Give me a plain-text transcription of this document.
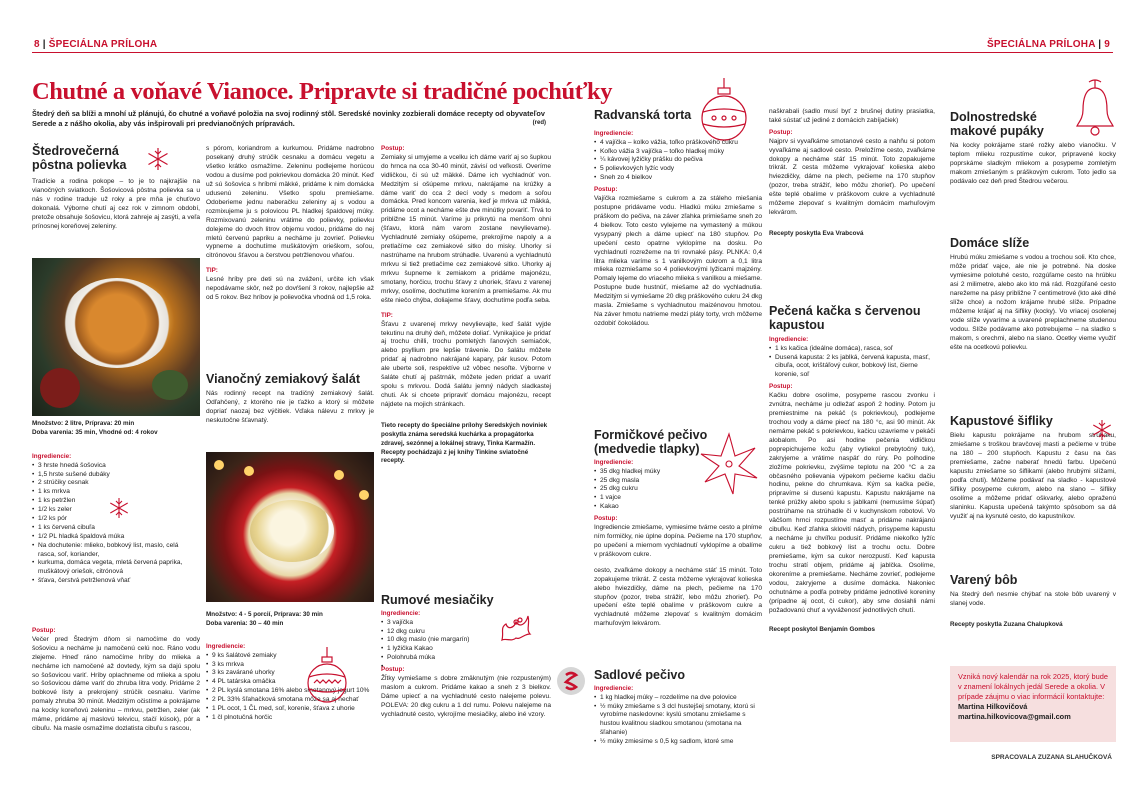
8 | ŠPECIÁLNA PRÍLOHA	ŠPECIÁLNA PRÍLOHA | 9
Chutné a voňavé Vianoce. Pripravte si tradičné pochúťky
Štedrý deň sa blíži a mnohí už plánujú, čo chutné a voňavé položia na svoj rodinný stôl. Seredské novinky zozbierali domáce recepty od obyvateľov Serede a z nášho okolia, aby vás inšpirovali pri predvianočných prípravách.	(red)
Štedrovečerná pôstna polievka
Tradície a rodina pokope – to je to najkrajšie na vianočných sviatkoch. Šošovicová pôstna polievka sa u nás v rodine traduje už roky a pre mňa je chuťovo dokonalá. Výborne chutí aj cez rok v zimnom období, pretože obsahuje šošovicu, ktorá zahreje aj zasýti, a veľa prínosnej koreňovej zeleniny.
Množstvo: 2 litre, Príprava: 20 min
Doba varenia: 35 min, Vhodné od: 4 rokov
Ingrediencie:
• 3 hrste hnedá šošovica
• 1,5 hrste sušené dubáky
• 2 strúčiky cesnak
• 1 ks mrkva
• 1 ks petržlen
• 1/2 ks zeler
• 1/2 ks pór
• 1 ks červená cibuľa
• 1/2 PL hladká špaldová múka
• Na dochutenie: mlieko, bobkový list, maslo, celá rasca, soľ, koriander,
• kurkuma, domáca vegeta, mletá červená paprika, muškátový oriešok, citrónová
• šťava, čerstvá petržlenová vňať
Postup:
Večer pred Štedrým dňom si namočíme do vody šošovicu a necháme ju namočenú celú noc. Ráno vodu zlejeme. Hneď ráno namočíme hríby do mlieka a necháme ich namočené až dovtedy, kým sa dajú spolu so šošovicou variť. Hríby oplachneme od mlieka a spolu so šošovicou dáme variť do zhruba litra vody. Pridáme 2 bobkové listy a prekrojený strúčik cesnaku. Varíme pomaly zhruba 30 minút. Medzitým očistíme a pokrájame na kocky koreňovú zeleninu – mrkvu, petržlen, zeler (ak máme, pridáme aj maslovú tekvicu, stačí kúsok), pór a cibuľu. Na masle osmažíme dozlatista cibuľu s rascou,
s pórom, koriandrom a kurkumou. Pridáme nadrobno posekaný druhý strúčik cesnaku a domácu vegetu a všetko krátko osmažíme. Zeleninu podlejeme horúcou vodou a dusíme pod pokrievkou domácka 20 minút. Keď už sú šošovica s hríbmi mäkké, pridáme k nim domácka udusenú zeleninu. Všetko spolu premiešame. Odoberieme jednu naberačku zeleniny aj s vodou a rozmixujeme ju s polovicou PL hladkej špaldovej múky. Rozmixovanú zeleninu vrátime do polievky, polievku dolejeme do dvoch litrov objemu vodou, pridáme do nej mletú červenú papriku a necháme ju zovrieť. Polievku vypneme a dochutíme muškátovým orieškom, soľou, citrónovou šťavou a čerstvou petržlenovou vňaťou.
TIP:
Lesné hríby pre deti sú na zvážení, určite ich však nepodávame skôr, než po dovŕšení 3 rokov, najlepšie až od 5 rokov. Bez hríbov je polievočka vhodná od 1,5 roka.
Vianočný zemiakový šalát
Nás rodinný recept na tradičný zemiakový šalát. Odľahčený, z ktorého nie je ťažko a ktorý si môžete dopriať naozaj bez výčitiek. Vďaka nálevu z mrkvy je neskutočne šťavnatý.
Množstvo: 4 - 5 porcií, Príprava: 30 min
Doba varenia: 30 – 40 min
Ingrediencie:
• 9 ks šalátové zemiaky
• 3 ks mrkva
• 3 ks zavárané uhorky
• 4 PL tatárska omáčka
• 2 PL kyslá smotana 16% alebo smotanový jogurt 10%
• 2 PL 33% šľahačková smotana môže sa aj nechať
• 1 PL ocot, 1 ČL med, soľ, korenie, šťava z uhorie
• 1 čl plnotučná horčic
Postup:
Zemiaky si umyjeme a vcelku ich dáme variť aj so šupkou do hrnca na cca 30-40 minút, závisí od veľkosti. Overíme vidličkou, či sú už mäkké. Dáme ich vychladnúť von. Medzitým si ošúpeme mrkvu, nakrájame na krúžky a dáme variť do cca 2 decí vody s medom a soľou domácka. Pred koncom varenia, keď je mrkva už mäkká, pridáme ocot a necháme ešte dve minútky povariť. Trvá to približne 15 minút. Varíme ju prikrytú na menšom ohni (šťavu, ktorá nám varom zostane nevylievame). Vychladnuté zemiaky ošúpeme, prekrojíme napoly a a pretlačíme cez zemiakové sitko do misky. Uhorky si nastrúhame na hrubom strúhadle. Uvarenú a vychladnutú mrkvu si tiež pretlačíme cez zemiakové sitko. Uhorky aj mrkvu šupneme k zemiakom a pridáme majonézu, smotany, horčicu, trochu šťavy z uhoriek, šťavu z varenej mrkvy, osolíme, dochutíme korením a premiešame. Ak mu ešte niečo chýba, doliajeme šťavy, dochutíme podľa seba.
TIP:
Šťavu z uvarenej mrkvy nevylievajte, keď šalát vyjde tekutinu na druhý deň, môžete doliať. Vynikajúce je pridať aj trochu chilli, trochu pomletých ľanových semiačok, alebo psyllium pre lepšie trávenie. Do šalátu môžete pridať aj nadrobno nakrájané kapary, pár kusov. Potom ale uberte soli, respektíve už vôbec nesoľte. Výborne v šaláte chutí aj paštrnák, môžete jeden pridať a uvariť spolu s mrkvou. Dodá šalátu jemný nádych sladkastej chuti. Ak si chcete pripraviť domácu majonézu, recept nájdete na mojich stránkach.
Tieto recepty do špeciálne prílohy Seredských noviniek poskytla známa seredská kuchárka a propagátorka zdravej, sezónnej a lokálnej stravy, Tinka Karmažín. Recepty pochádzajú z jej knihy Tinkine sviatočné recepty.
Rumové mesiačiky
Ingrediencie:
• 3 vajíčka
• 12 dkg cukru
• 10 dkg maslo (nie margarín)
• 1 lyžička Kakao
• Polohrubá múka
Postup:
Žĺtky vymiešame s dobre zmäknutým (nie rozpusteným) maslom a cukrom. Pridáme kakao a sneh z 3 bielkov. Dáme upiecť a na vychladnuté cesto nalejeme polevu. POLEVA: 20 dkg cukru a 1 dcl rumu. Polevu nalejeme na vychladnuté cesto, vykrojíme mesiačiky, alebo iné vzory.
Radvanská torta
Ingrediencie:
• 4 vajíčka – kolko vážia, toľko práškového cukru
• Koľko vážia 3 vajíčka – toľko hladkej múky
• ¼ kávovej lyžičky prášku do pečiva
• 5 polievkových lyžíc vody
• Sneh zo 4 bielkov
Postup:
Vajíčka rozmiešame s cukrom a za stáleho miešania postupne pridávame vodu. Hladkú múku zmiešame s práškom do pečiva, na záver zľahka primiešame sneh zo 4 bielkov. Toto cesto vylejeme na vymastený a múkou vysypaný plech a dáme upiecť na 180 stupňov. Po upečení cesto opatrne vyklopíme na dosku. Po vychladnutí rozrežeme na tri rovnaké pásy. PLNKA: 0,4 litra mlieka varíme s 1 vanilkovým cukrom a 0,1 litra mlieka rozmiešame so 4 polievkovými lyžicami majzény. Pomaly lejeme do vriaceho mlieka s vanilkou a miešame. Postupne bude hustnúť, miešame až do vychladnutia. Medzitým si vymiešame 20 dkg práškového cukru 24 dkg masla. Zmiešame s vychladnutou maizénovou hmotou. Na záver hmotu natrieme medzi pláty torty, vrch môžeme ozdobiť čokoládou.
Formičkové pečivo (medvedie tlapky)
Ingrediencie:
• 35 dkg hladkej múky
• 25 dkg masla
• 25 dkg cukru
• 1 vajce
• Kakao
Postup:
Ingrediencie zmiešame, vymiesime tvárne cesto a plníme ním formičky, nie úplne dopína. Pečieme na 170 stupňov, po upečení a miernom vychladnutí vyklopíme a obalíme v práškovom cukre.
cesto, zvaľkáme dokopy a necháme stáť 15 minút. Toto zopakujeme trikrát. Z cesta môžeme vykrajovať kolieska alebo hviezdičky, dáme na plech, pečieme na 170 stupňov (pozor, treba strážiť, lebo môžu zhorieť). Po upečení ešte teplé obalíme v práškovom cukre a vychladnuté môžeme zlepovať s kvalitným domácim marhuľovým lekvárom.
Sadlové pečivo
Ingrediencie:
• 1 kg hladkej múky – rozdelíme na dve polovice
• ½ múky zmiešame s 3 dcl hustejšej smotany, ktorú si vyrobíme nasledovne: kyslú smotanu zmiešame s hustou kvalitnou sladkou smotanou (smotana na šľahanie)
• ½ múky zmiesime s 0,5 kg sadlom, ktoré sme
naškrabali (sadlo musí byť z brušnej dutiny prasiatka, také sústať už jediné z domácich zabíjačiek)
Postup:
Najprv si vyvaľkáme smotanové cesto a nahňu si potom vyvaľkáme aj sadlové cesto. Preložíme cesto, zvaľkáme dokopy a necháme stáť 15 minút. Toto zopakujeme trikrát. Z cesta môžeme vykrajovať kolieska alebo hviezdičky, dáme na plech, pečieme na 170 stupňov (pozor, treba strážiť, lebo môžu zhorieť). Po upečení ešte teplé obalíme v práškovom cukre a vychladnuté môžeme zlepovať s kvalitným domácim marhuľovým lekvárom.
Recepty poskytla Eva Vrabcová
Pečená kačka s červenou kapustou
Ingrediencie:
• 1 ks kačica (ideálne domáca), rasca, soľ
• Dusená kapusta: 2 ks jablká, červená kapusta, masť, cibuľa, ocot, krištáľový cukor, bobkový list, čierne korenie, soľ
Postup:
Kačku dobre osolíme, posypeme rascou zvonku i zvnútra, necháme ju odležať aspoň 2 hodiny. Potom ju premiestnime na pekáč (s pokrievkou), podlejeme trochou vody a dáme piecť na 180 °c, asi 90 minút. Ak nemáme pekáč s pokrievkou, kačicu uzavrieme v pekáči alobalom. Po asi hodine pečenia vidličkou poprepichujeme kožu (aby vytiekol prebytočný tuk), zakryjeme a vrátime naspäť do rúry. Po polhodine zložíme pokrievku, zvýšime teplotu na 200 °C a za občasného polievania výpekom pečieme kačku dačiu hodinu, pekne do chrumkava. Kým sa kačka pečie, pripravíme si dusenú kapustu. Kapustu nakrájame na tenké prúžky alebo spolu s jablkami (nemusíme šúpať) postrúhame na strúhadle či v kuchynskom robotovi. Vo väčšom hrnci rozpustíme masť a pridáme nakrájanú cibuľku. Keď zľahka sklovití nádych, prisypeme kapustu a necháme ju chvíľku podusiť. Pridáme niekoľko lyžíc cukru a tiež bobkový list a trochu octu. Dobre premiešame, kým sa cukor nerozpustí. Keď kapusta trochu stratí objem, pridáme aj jablčka. Osolíme, okoreníme a premiešame. Necháme zovrieť, podlejeme vodou, zakryjeme a dusíme domácka. Nakoniec ochutnáme a podľa potreby pridáme jednotlivé koreniny (prípadne aj ocot, či cukor), aby sme dosiahli námi požadovanú chuť a vyváženosť jednotlivých chutí.
Recept poskytol Benjamín Gombos
Dolnostredské makové pupáky
Na kocky pokrájame staré rožky alebo vianočku. V teplom mlieku rozpustíme cukor, pripravené kocky poprskáme sladkým mliekom a posypeme zomletým makom zmiešaným s práškovým cukrom. Toto jedlo sa podávalo cez deň pred Štedrou večerou.
Domáce slíže
Hrubú múku zmiešame s vodou a trochou soli. Kto chce, môže pridať vajce, ale nie je potrebné. Na doske vymiesime polotuhé cesto, rozgúľame cesto na hrúbku asi 2 milimetre, alebo ako kto má rád. Rozgúľané cesto narežeme na pásy približne 7 centimetrové (kto aké dlhé slíže chce) a nožom krájame hrubé slíže. Prípadne môžeme krájať aj na šifliky (kocky). Vo vriacej osolenej vode slíže vyvaríme a uvarené preplachneme studenou vodou. Slíže podávame ako potrebujeme – na sladko s makom, s orechmi, alebo na slano. Ocetky vieme využiť ešte na ocetkovú polievku.
Kapustové šifliky
Bielu kapustu pokrájame na hrubom strúhaku, zmiešame s troškou bravčovej masti a pečieme v trúbe na 180 – 200 stupňoch. Kapustu z času na čas premiešame, začne naberať hnedú farbu. Upečenú kapustu zmiešame so šiflikami (alebo hrubými slížami, podľa chuti). Môžeme podávať na sladko - kapustové šifliky posypeme cukrom, alebo na slano – šifliky osolíme a môžeme pridať oškvarky, alebo opraženú slaninku. Kapusta upečená takýmto spôsobom sa dá využiť aj na kysnuté cesto, do kapustníkov.
Varený bôb
Na štedrý deň nesmie chýbať na stole bôb uvarený v slanej vode.
Recepty poskytla Zuzana Chalupková
Vzniká nový kalendár na rok 2025, ktorý bude v znamení lokálnych jedál Serede a okolia. V prípade záujmu o viac informácií kontaktujte:
Martina Hilkovičová
martina.hilkovicova@gmail.com
SPRACOVALA ZUZANA SLAHUČKOVÁ
